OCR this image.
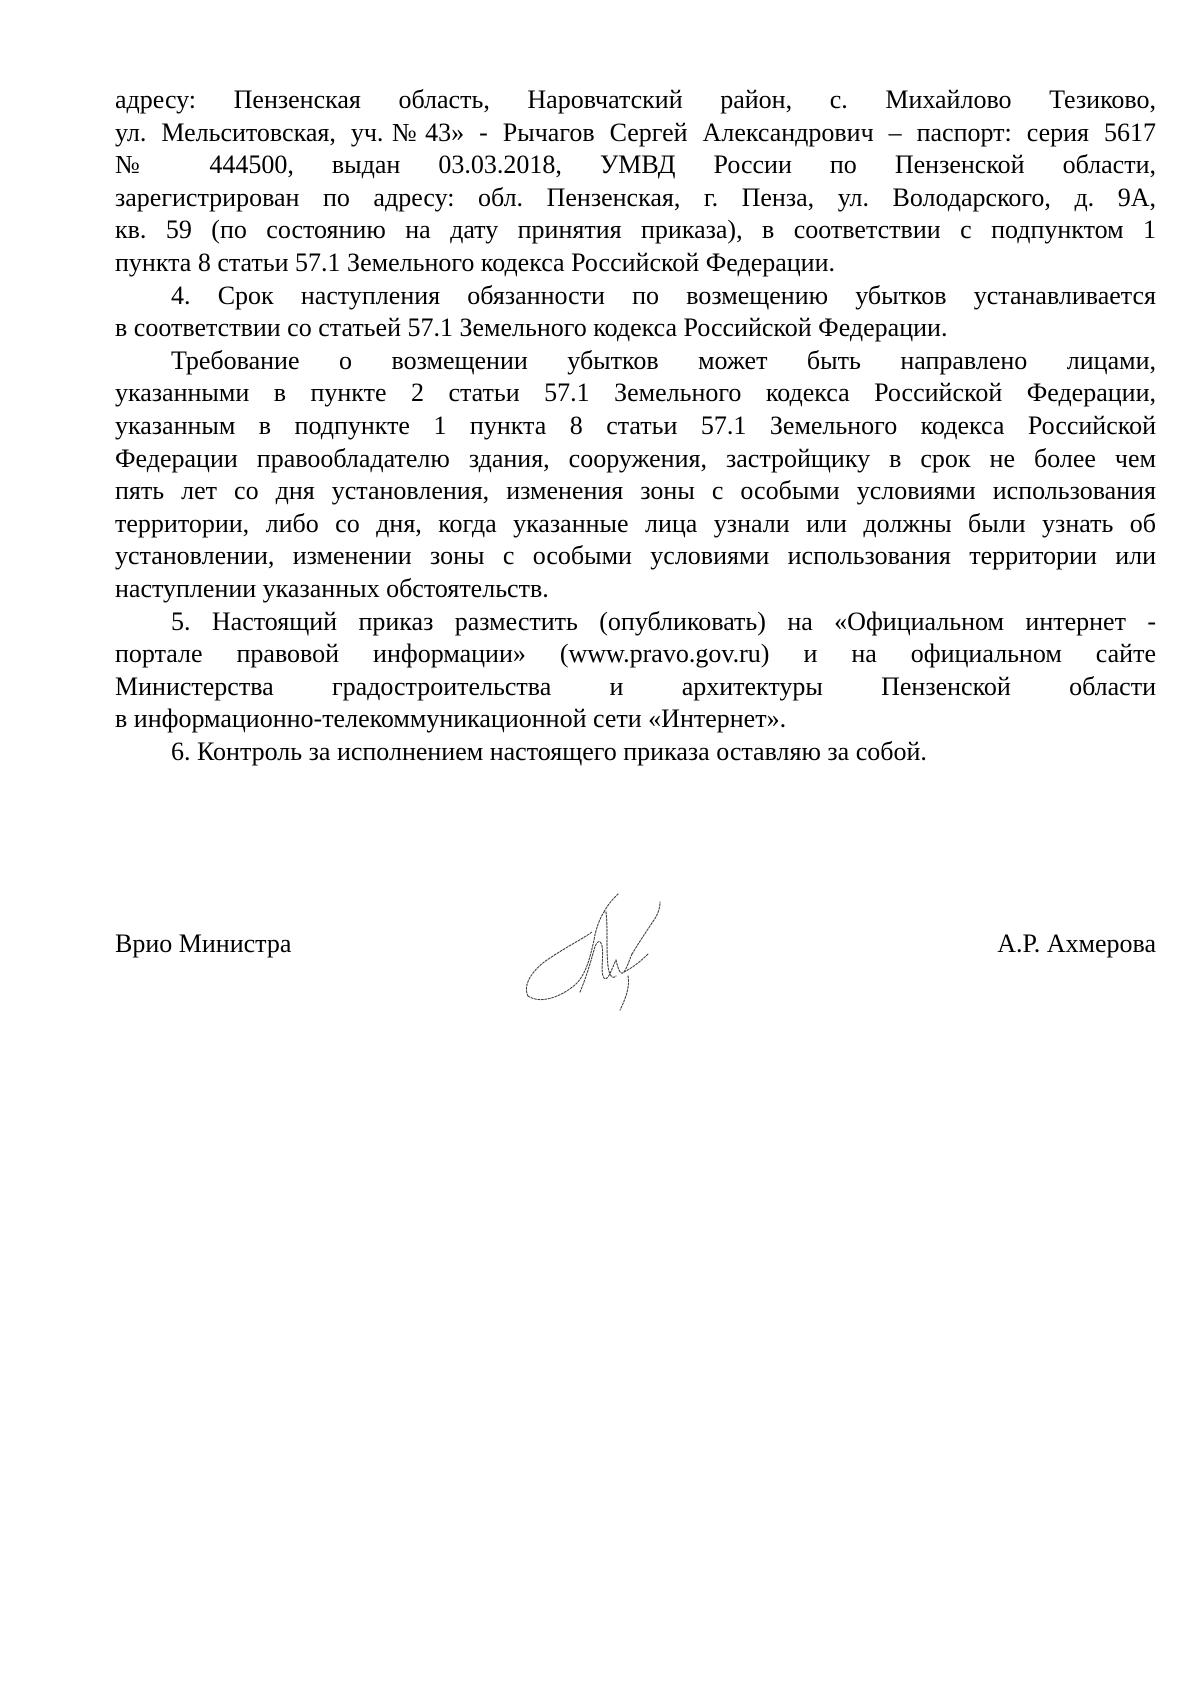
адресу: Пензенская область, Наровчатский район, с. Михайлово Тезиково,
ул. Мельситовская, уч.№43» - Рычагов Сергей Александрович – паспорт: серия 5617
№ 444500, выдан 03.03.2018, УМВД России по Пензенской области,
зарегистрирован по адресу: обл. Пензенская, г. Пенза, ул. Володарского, д. 9А,
кв. 59 (по состоянию на дату принятия приказа), в соответствии с подпунктом 1
пункта 8 статьи 57.1 Земельного кодекса Российской Федерации.
4. Срок наступления обязанности по возмещению убытков устанавливается
в соответствии со статьей 57.1 Земельного кодекса Российской Федерации.
Требование о возмещении убытков может быть направлено лицами,
указанными в пункте 2 статьи 57.1 Земельного кодекса Российской Федерации,
указанным в подпункте 1 пункта 8 статьи 57.1 Земельного кодекса Российской
Федерации правообладателю здания, сооружения, застройщику в срок не более чем
пять лет со дня установления, изменения зоны с особыми условиями использования
территории, либо со дня, когда указанные лица узнали или должны были узнать об
установлении, изменении зоны с особыми условиями использования территории или
наступлении указанных обстоятельств.
5. Настоящий приказ разместить (опубликовать) на «Официальном интернет -
портале правовой информации» (www.pravo.gov.ru) и на официальном сайте
Министерства градостроительства и архитектуры Пензенской области
в информационно-телекоммуникационной сети «Интернет».
6. Контроль за исполнением настоящего приказа оставляю за собой.
Врио Министра	А.Р. Ахмерова
